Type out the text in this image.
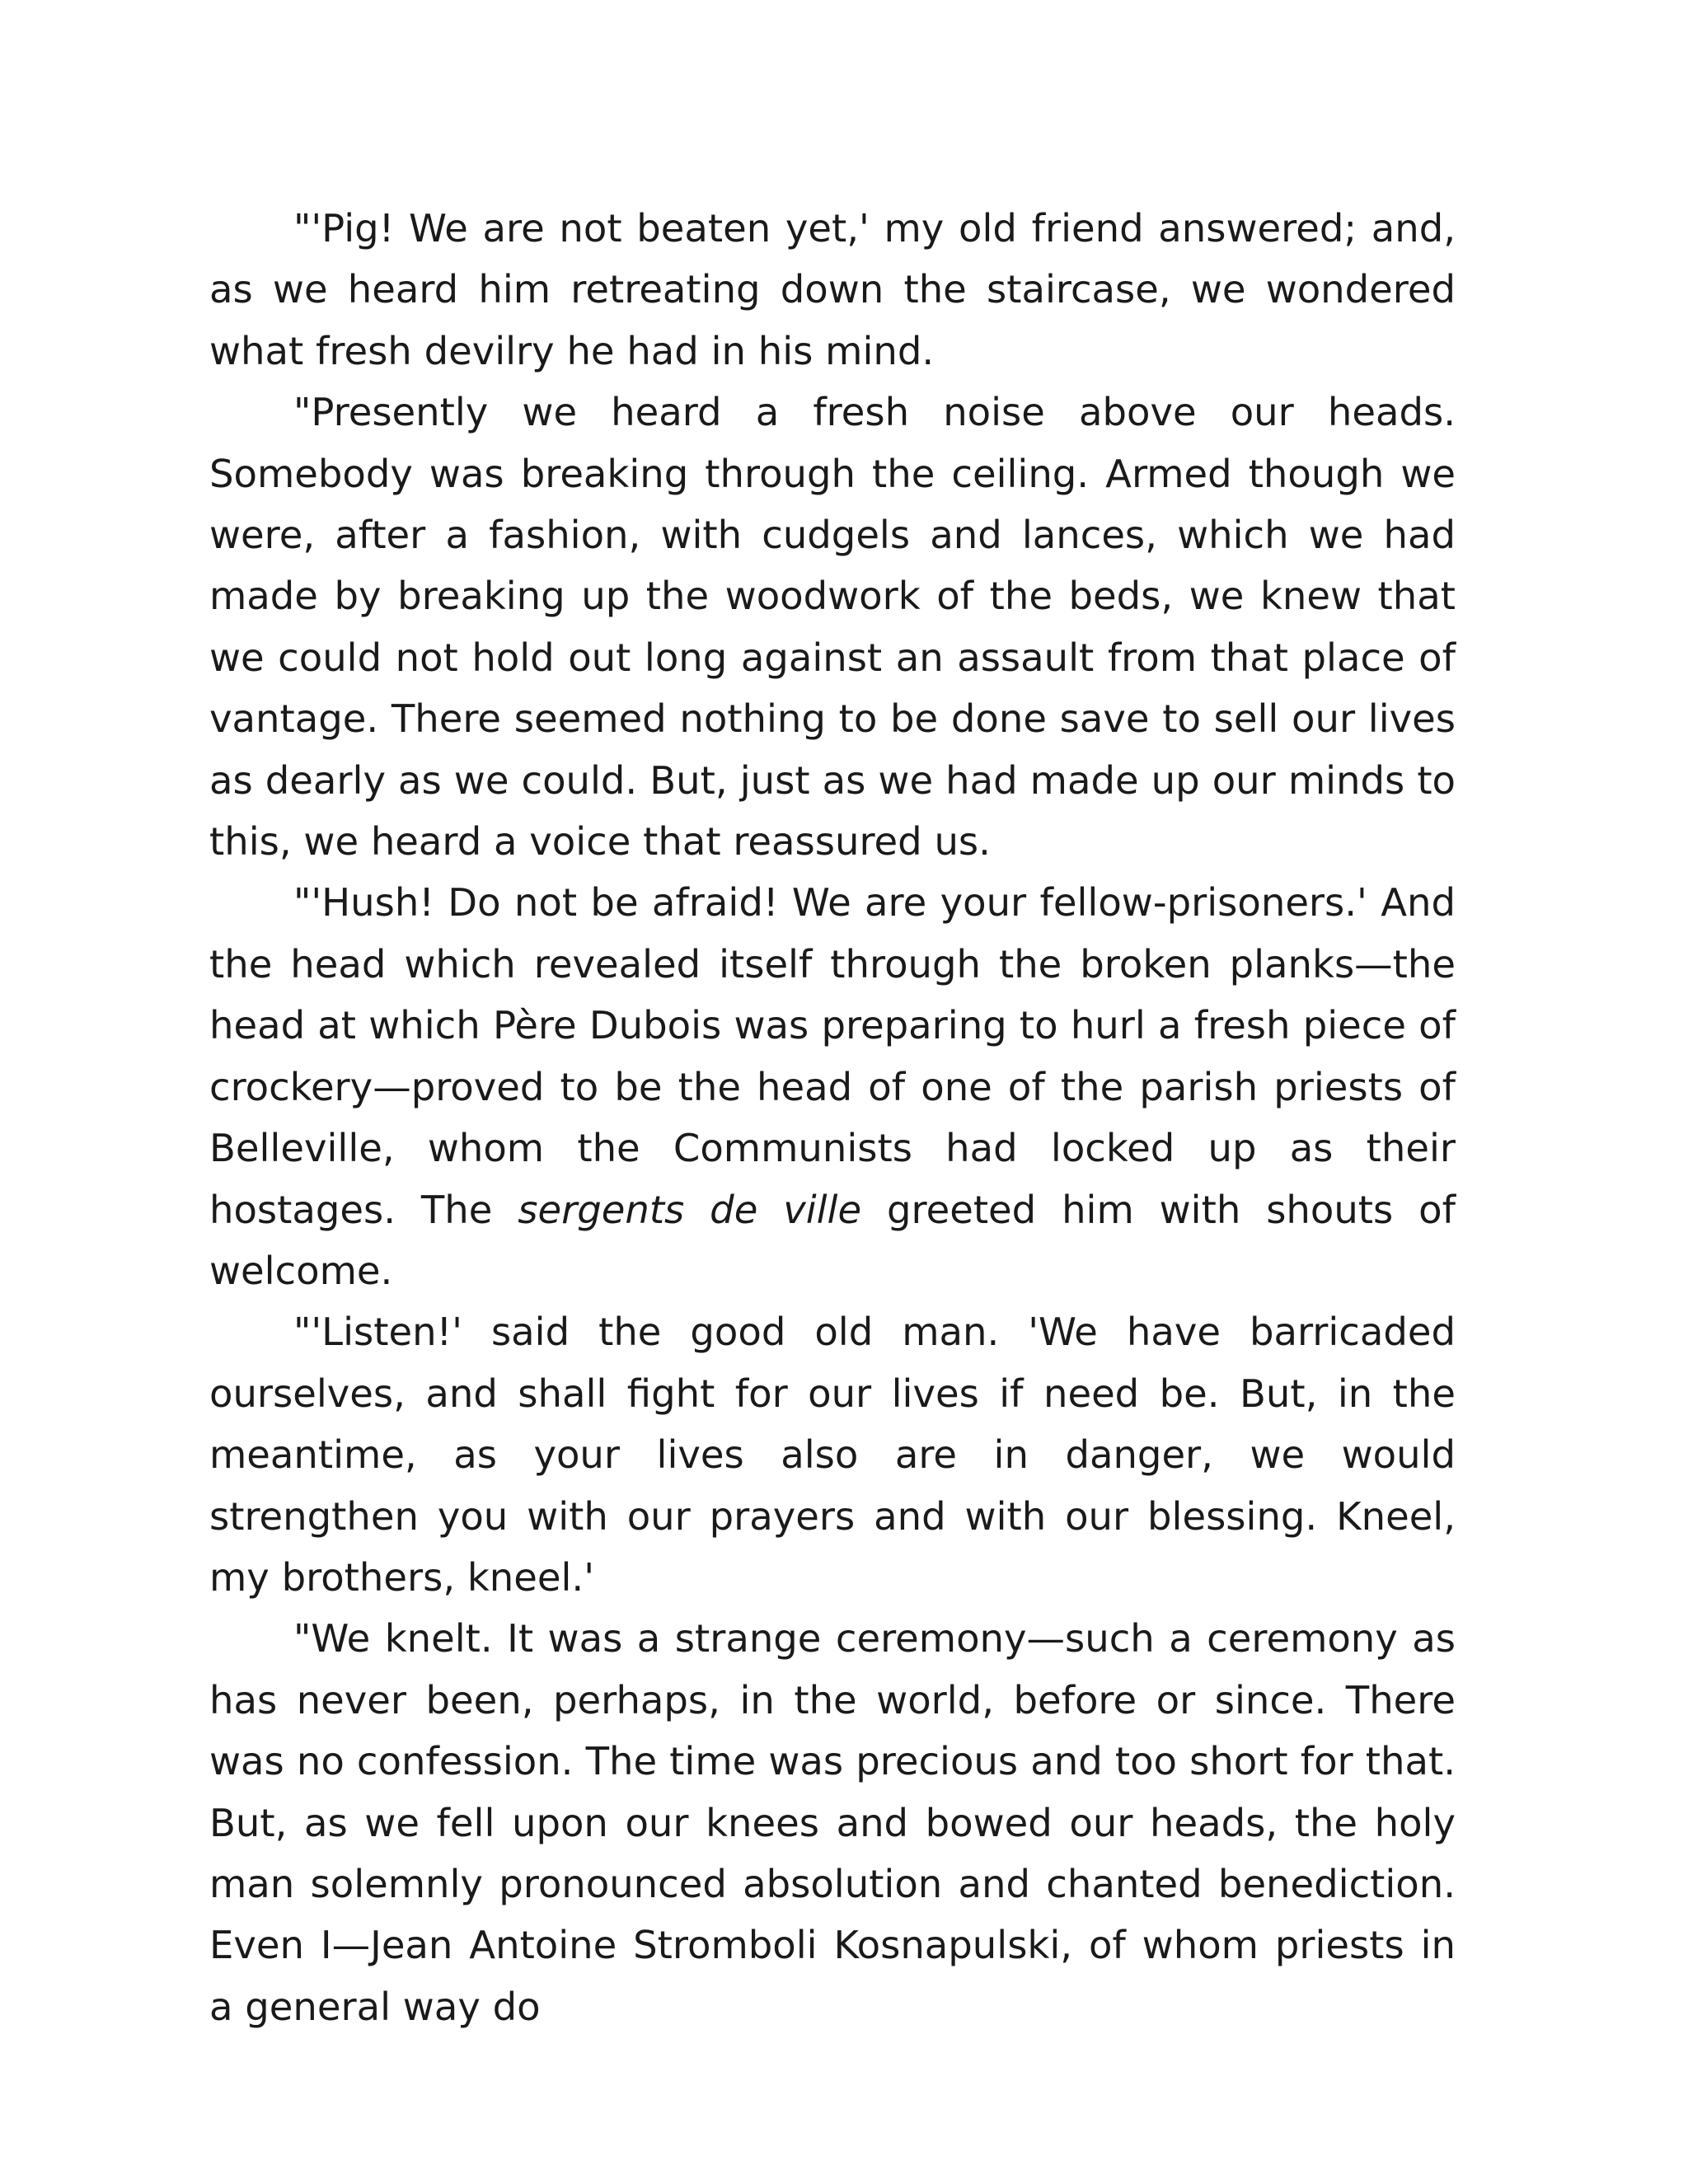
"'Pig! We are not beaten yet,' my old friend answered; and, as we heard him retreating down the staircase, we wondered what fresh devilry he had in his mind.

"Presently we heard a fresh noise above our heads. Somebody was breaking through the ceiling. Armed though we were, after a fashion, with cudgels and lances, which we had made by breaking up the woodwork of the beds, we knew that we could not hold out long against an assault from that place of vantage. There seemed nothing to be done save to sell our lives as dearly as we could. But, just as we had made up our minds to this, we heard a voice that reassured us.

"'Hush! Do not be afraid! We are your fellow-prisoners.' And the head which revealed itself through the broken planks—the head at which Père Dubois was preparing to hurl a fresh piece of crockery—proved to be the head of one of the parish priests of Belleville, whom the Communists had locked up as their hostages. The sergents de ville greeted him with shouts of welcome.

"'Listen!' said the good old man. 'We have barricaded ourselves, and shall fight for our lives if need be. But, in the meantime, as your lives also are in danger, we would strengthen you with our prayers and with our blessing. Kneel, my brothers, kneel.'

"We knelt. It was a strange ceremony—such a ceremony as has never been, perhaps, in the world, before or since. There was no confession. The time was precious and too short for that. But, as we fell upon our knees and bowed our heads, the holy man solemnly pronounced absolution and chanted benediction. Even I—Jean Antoine Stromboli Kosnapulski, of whom priests in a general way do
